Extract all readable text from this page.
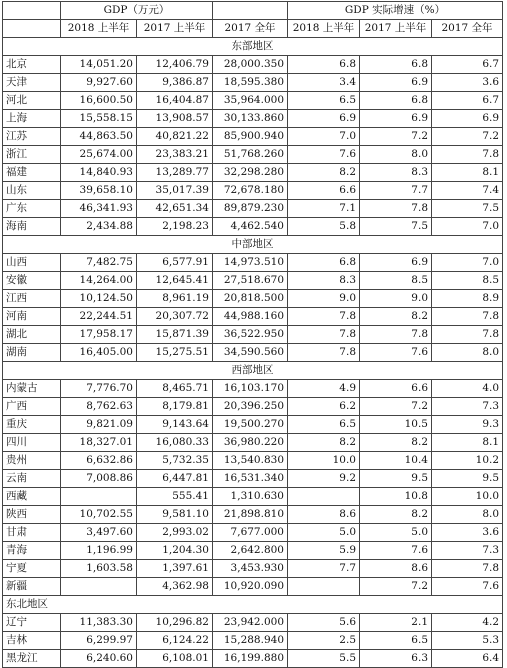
	GDP（万元）			GDP 实际增速（%）		
	2018 上半年	2017 上半年	2017 全年	2018 上半年	2017 上半年	2017 全年
东部地区						
北京	14,051.20	12,406.79	28,000.350	6.8	6.8	6.7
天津	9,927.60	9,386.87	18,595.380	3.4	6.9	3.6
河北	16,600.50	16,404.87	35,964.000	6.5	6.8	6.7
上海	15,558.15	13,908.57	30,133.860	6.9	6.9	6.9
江苏	44,863.50	40,821.22	85,900.940	7.0	7.2	7.2
浙江	25,674.00	23,383.21	51,768.260	7.6	8.0	7.8
福建	14,840.93	13,289.77	32,298.280	8.2	8.3	8.1
山东	39,658.10	35,017.39	72,678.180	6.6	7.7	7.4
广东	46,341.93	42,651.34	89,879.230	7.1	7.8	7.5
海南	2,434.88	2,198.23	4,462.540	5.8	7.5	7.0
中部地区						
山西	7,482.75	6,577.91	14,973.510	6.8	6.9	7.0
安徽	14,264.00	12,645.41	27,518.670	8.3	8.5	8.5
江西	10,124.50	8,961.19	20,818.500	9.0	9.0	8.9
河南	22,244.51	20,307.72	44,988.160	7.8	8.2	7.8
湖北	17,958.17	15,871.39	36,522.950	7.8	7.8	7.8
湖南	16,405.00	15,275.51	34,590.560	7.8	7.6	8.0
西部地区						
内蒙古	7,776.70	8,465.71	16,103.170	4.9	6.6	4.0
广西	8,762.63	8,179.81	20,396.250	6.2	7.2	7.3
重庆	9,821.09	9,143.64	19,500.270	6.5	10.5	9.3
四川	18,327.01	16,080.33	36,980.220	8.2	8.2	8.1
贵州	6,632.86	5,732.35	13,540.830	10.0	10.4	10.2
云南	7,008.86	6,447.81	16,531.340	9.2	9.5	9.5
西藏		555.41	1,310.630		10.8	10.0
陕西	10,702.55	9,581.10	21,898.810	8.6	8.2	8.0
甘肃	3,497.60	2,993.02	7,677.000	5.0	5.0	3.6
青海	1,196.99	1,204.30	2,642.800	5.9	7.6	7.3
宁夏	1,603.58	1,397.61	3,453.930	7.7	8.6	7.8
新疆		4,362.98	10,920.090		7.2	7.6
东北地区						
辽宁	11,383.30	10,296.82	23,942.000	5.6	2.1	4.2
吉林	6,299.97	6,124.22	15,288.940	2.5	6.5	5.3
黑龙江	6,240.60	6,108.01	16,199.880	5.5	6.3	6.4
